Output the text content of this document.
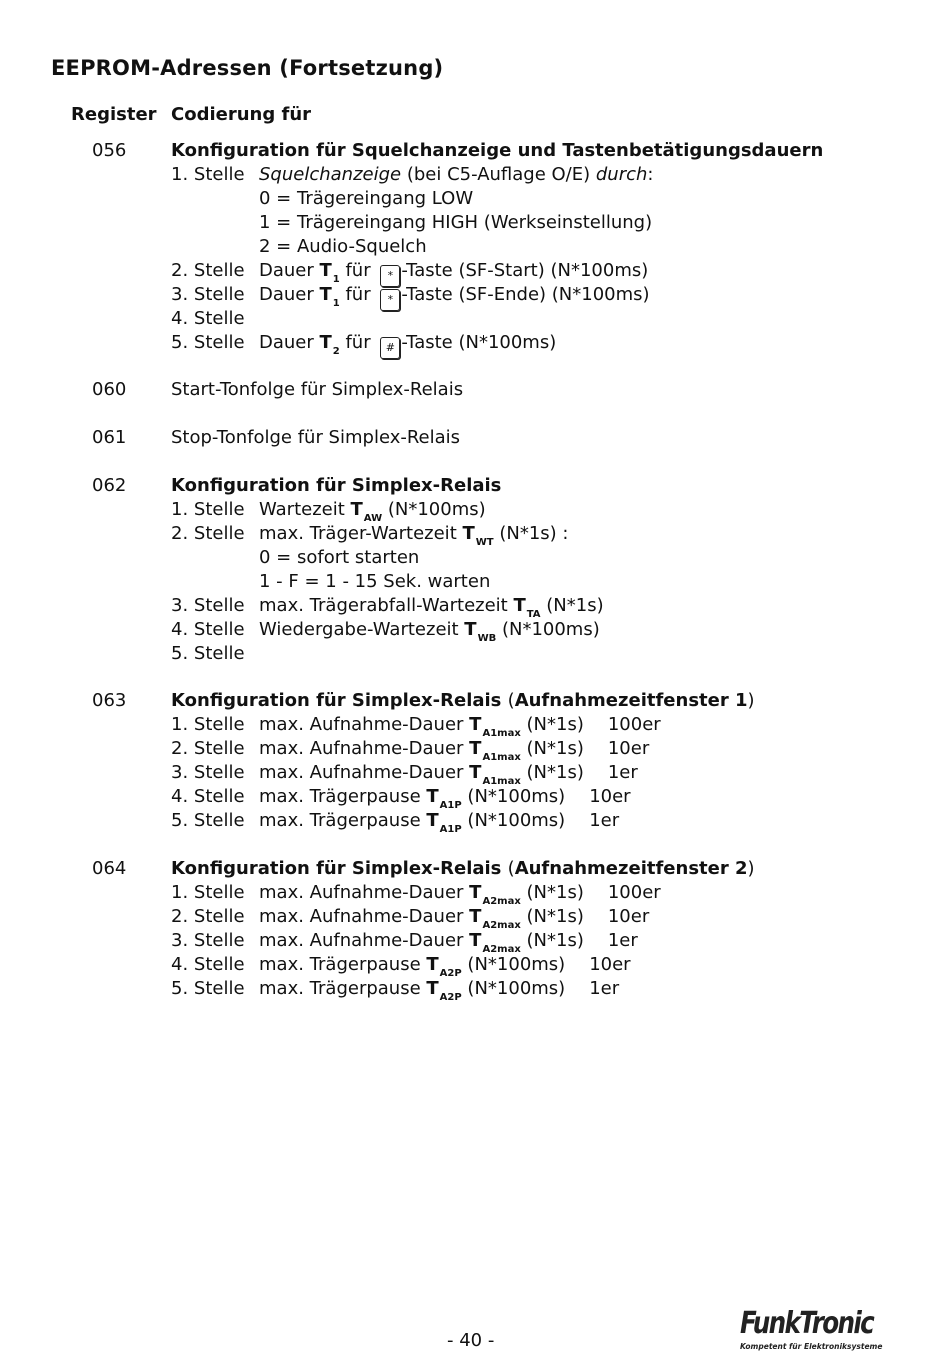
EEPROM-Adressen (Fortsetzung)
Register Codierung für
056 Konfiguration für Squelchanzeige und Tastenbetätigungsdauern
1. Stelle Squelchanzeige (bei C5-Auflage O/E) durch:
0 = Trägereingang LOW
1 = Trägereingang HIGH (Werkseinstellung)
2 = Audio-Squelch
2. Stelle Dauer $T_1$ für * -Taste (SF-Start) (N*100ms)
3. Stelle Dauer $T_1$ für * -Taste (SF-Ende) (N*100ms)
4. Stelle
5. Stelle Dauer $T_2$ für # -Taste (N*100ms)
060 Start-Tonfolge für Simplex-Relais
061 Stop-Tonfolge für Simplex-Relais
062 Konfiguration für Simplex-Relais
1. Stelle Wartezeit $T_{AW}$ (N*100ms)
2. Stelle max. Träger-Wartezeit $T_{WT}$ (N*1s) :
0 = sofort starten
1 - F = 1 - 15 Sek. warten
3. Stelle max. Trägerabfall-Wartezeit $T_{TA}$ (N*1s)
4. Stelle Wiedergabe-Wartezeit $T_{WB}$ (N*100ms)
5. Stelle
063 Konfiguration für Simplex-Relais (Aufnahmezeitfenster 1)
1. Stelle max. Aufnahme-Dauer $T_{A1max}$ (N*1s) 100er
2. Stelle max. Aufnahme-Dauer $T_{A1max}$ (N*1s) 10er
3. Stelle max. Aufnahme-Dauer $T_{A1max}$ (N*1s) 1er
4. Stelle max. Trägerpause $T_{A1P}$ (N*100ms) 10er
5. Stelle max. Trägerpause $T_{A1P}$ (N*100ms) 1er
064 Konfiguration für Simplex-Relais (Aufnahmezeitfenster 2)
1. Stelle max. Aufnahme-Dauer $T_{A2max}$ (N*1s) 100er
2. Stelle max. Aufnahme-Dauer $T_{A2max}$ (N*1s) 10er
3. Stelle max. Aufnahme-Dauer $T_{A2max}$ (N*1s) 1er
4. Stelle max. Trägerpause $T_{A2P}$ (N*100ms) 10er
5. Stelle max. Trägerpause $T_{A2P}$ (N*100ms) 1er
- 40 -	FunkTronic
Kompetent für Elektroniksysteme
